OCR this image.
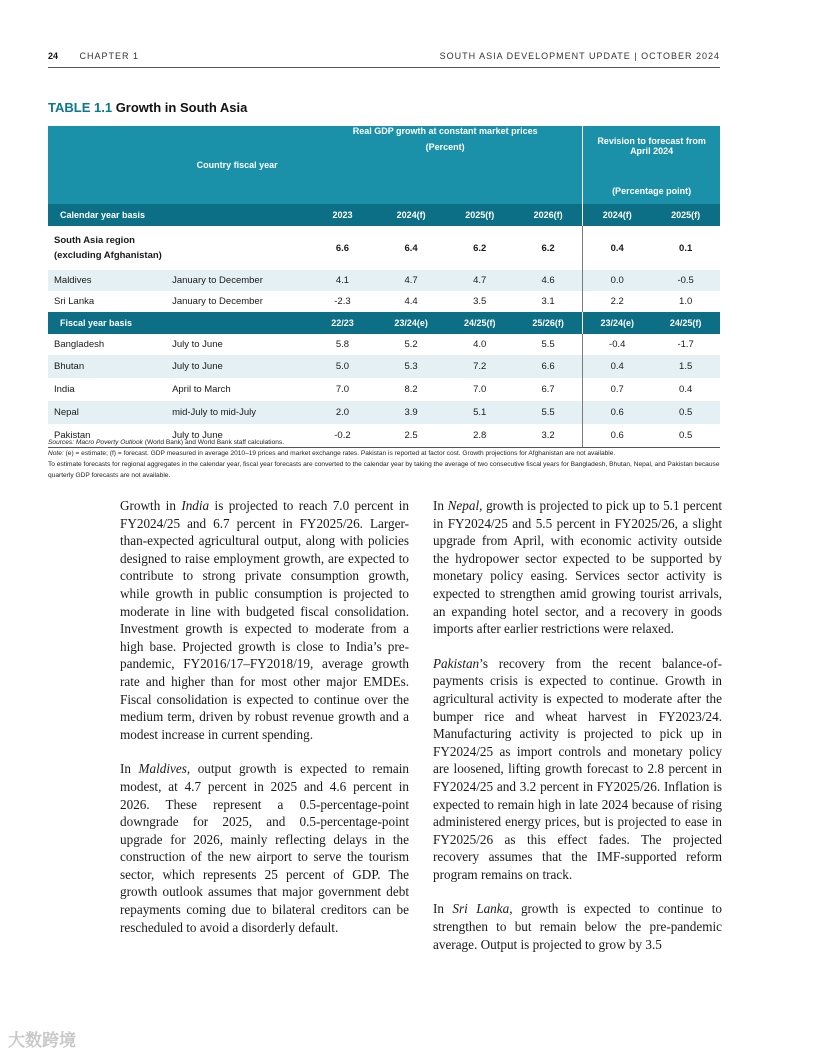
24 CHAPTER 1	SOUTH ASIA DEVELOPMENT UPDATE | OCTOBER 2024
TABLE 1.1 Growth in South Asia
	Country fiscal year	Real GDP growth at constant market prices
(Percent)				Revision to forecast from April 2024	
						(Percentage point)	
Calendar year basis		2023	2024(f)	2025(f)	2026(f)	2024(f)	2025(f)

South Asia region
(excluding Afghanistan)		6.6	6.4	6.2	6.2	0.4	0.1
Maldives	January to December	4.1	4.7	4.7	4.6	0.0	-0.5
Sri Lanka	January to December	-2.3	4.4	3.5	3.1	2.2	1.0
Fiscal year basis		22/23	23/24(e)	24/25(f)	25/26(f)	23/24(e)	24/25(f)
Bangladesh	July to June	5.8	5.2	4.0	5.5	-0.4	-1.7
Bhutan	July to June	5.0	5.3	7.2	6.6	0.4	1.5
India	April to March	7.0	8.2	7.0	6.7	0.7	0.4
Nepal	mid-July to mid-July	2.0	3.9	5.1	5.5	0.6	0.5
Pakistan	July to June	-0.2	2.5	2.8	3.2	0.6	0.5

Sources: Macro Poverty Outlook (World Bank) and World Bank staff calculations.

Note: (e) = estimate; (f) = forecast. GDP measured in average 2010–19 prices and market exchange rates. Pakistan is reported at factor cost. Growth projections for Afghanistan are not available.

To estimate forecasts for regional aggregates in the calendar year, fiscal year forecasts are converted to the calendar year by taking the average of two consecutive fiscal years for Bangladesh, Bhutan, Nepal, and Pakistan because quarterly GDP forecasts are not available.

Growth in India is projected to reach 7.0 percent in FY2024/25 and 6.7 percent in FY2025/26. Larger-than-expected agricultural output, along with policies designed to raise employment growth, are expected to contribute to strong private consumption growth, while growth in public consumption is projected to moderate in line with budgeted fiscal consolidation. Investment growth is expected to moderate from a high base. Projected growth is close to India’s pre-pandemic, FY2016/17–FY2018/19, average growth rate and higher than for most other major EMDEs. Fiscal consolidation is expected to continue over the medium term, driven by robust revenue growth and a modest increase in current spending.

In Maldives, output growth is expected to remain modest, at 4.7 percent in 2025 and 4.6 percent in 2026. These represent a 0.5-percentage-point downgrade for 2025, and 0.5-percentage-point upgrade for 2026, mainly reflecting delays in the construction of the new airport to serve the tourism sector, which represents 25 percent of GDP. The growth outlook assumes that major government debt repayments coming due to bilateral creditors can be rescheduled to avoid a disorderly default.

In Nepal, growth is projected to pick up to 5.1 percent in FY2024/25 and 5.5 percent in FY2025/26, a slight upgrade from April, with economic activity outside the hydropower sector expected to be supported by monetary policy easing. Services sector activity is expected to strengthen amid growing tourist arrivals, an expanding hotel sector, and a recovery in goods imports after earlier restrictions were relaxed.

Pakistan’s recovery from the recent balance-of-payments crisis is expected to continue. Growth in agricultural activity is expected to moderate after the bumper rice and wheat harvest in FY2023/24. Manufacturing activity is projected to pick up in FY2024/25 as import controls and monetary policy are loosened, lifting growth forecast to 2.8 percent in FY2024/25 and 3.2 percent in FY2025/26. Inflation is expected to remain high in late 2024 because of rising administered energy prices, but is projected to ease in FY2025/26 as this effect fades. The projected recovery assumes that the IMF-supported reform program remains on track.

In Sri Lanka, growth is expected to continue to strengthen to but remain below the pre-pandemic average. Output is projected to grow by 3.5

大数跨境
